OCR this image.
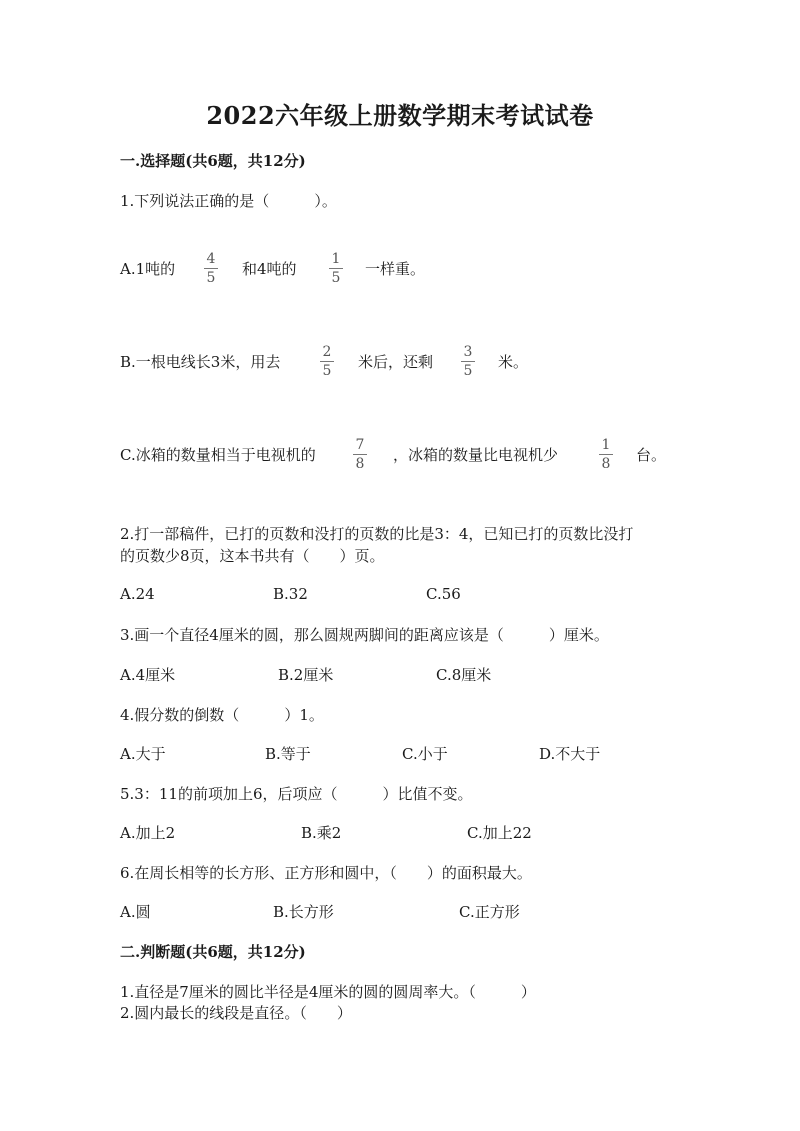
2022六年级上册数学期末考试试卷
一.选择题(共6题，共12分)
1.下列说法正确的是（　　　）。
A.1吨的
4
5	和4吨的
1
5	一样重。
B.一根电线长3米，用去
2
5	米后，还剩
3
5	米。
C.冰箱的数量相当于电视机的
7
8	，冰箱的数量比电视机少
1
8	台。
2.打一部稿件，已打的页数和没打的页数的比是3：4，已知已打的页数比没打
的页数少8页，这本书共有（　　）页。
A.24	B.32	C.56
3.画一个直径4厘米的圆，那么圆规两脚间的距离应该是（　　　）厘米。
A.4厘米	B.2厘米	C.8厘米
4.假分数的倒数（　　　）1。
A.大于	B.等于	C.小于	D.不大于
5.3：11的前项加上6，后项应（　　　）比值不变。
A.加上2	B.乘2	C.加上22
6.在周长相等的长方形、正方形和圆中，（　　）的面积最大。
A.圆	B.长方形	C.正方形
二.判断题(共6题，共12分)
1.直径是7厘米的圆比半径是4厘米的圆的圆周率大。（　　　）
2.圆内最长的线段是直径。（　　）
